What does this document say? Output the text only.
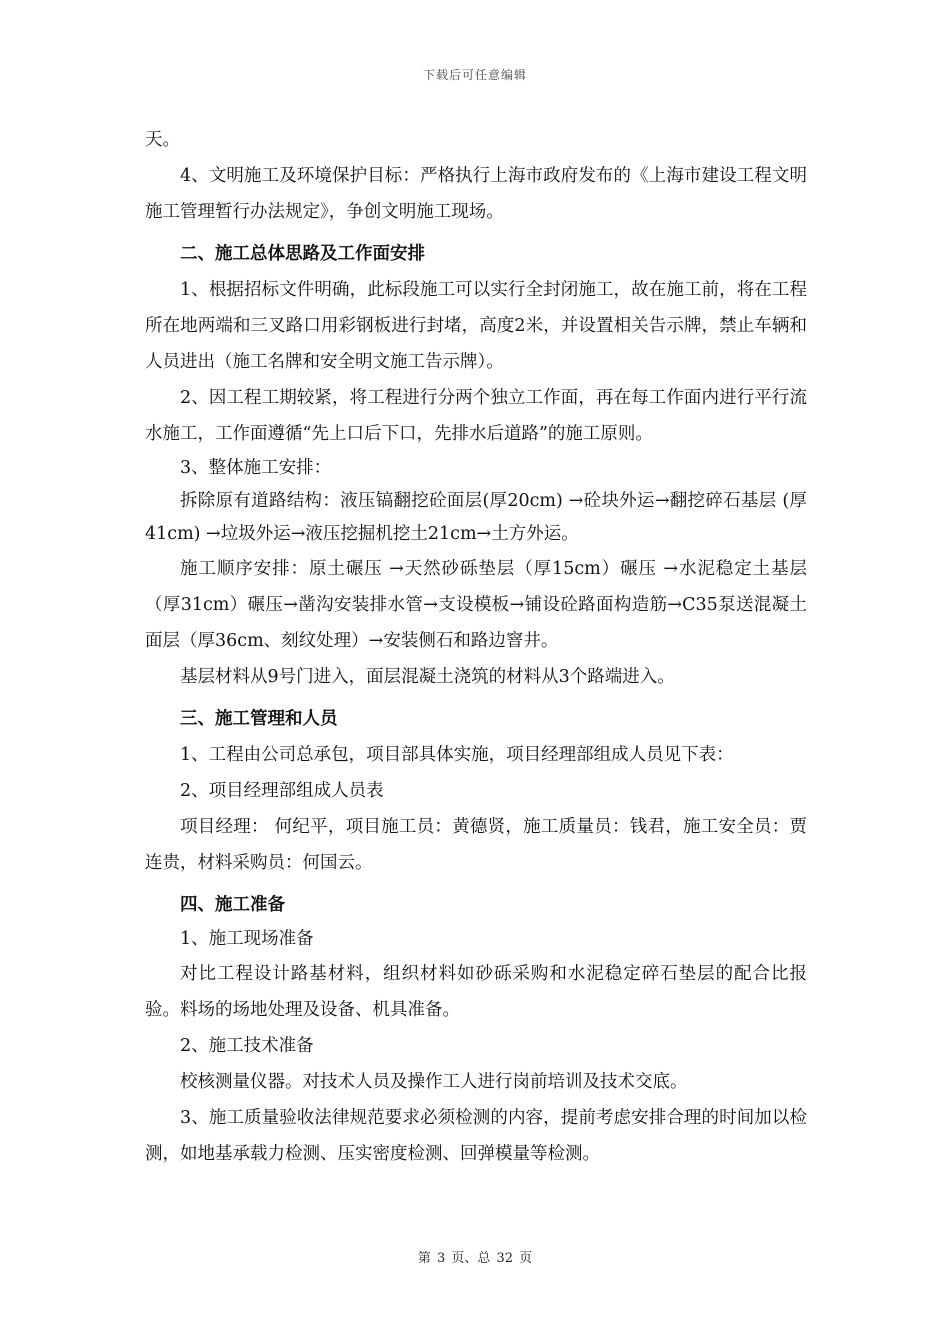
下载后可任意编辑

天。

4、文明施工及环境保护目标：严格执行上海市政府发布的《上海市建设工程文明施工管理暂行办法规定》，争创文明施工现场。

二、施工总体思路及工作面安排

1、根据招标文件明确，此标段施工可以实行全封闭施工，故在施工前，将在工程所在地两端和三叉路口用彩钢板进行封堵，高度2米，并设置相关告示牌，禁止车辆和人员进出（施工名牌和安全明文施工告示牌）。

2、因工程工期较紧，将工程进行分两个独立工作面，再在每工作面内进行平行流水施工，工作面遵循“先上口后下口，先排水后道路”的施工原则。

3、整体施工安排：

拆除原有道路结构：液压镐翻挖砼面层(厚20cm) →砼块外运→翻挖碎石基层 (厚41cm) →垃圾外运→液压挖掘机挖土21cm→土方外运。

施工顺序安排：原土碾压 →天然砂砾垫层（厚15cm）碾压 →水泥稳定土基层（厚31cm）碾压→凿沟安装排水管→支设模板→铺设砼路面构造筋→C35泵送混凝土面层（厚36cm、刻纹处理）→安装侧石和路边窨井。

基层材料从9号门进入，面层混凝土浇筑的材料从3个路端进入。

三、施工管理和人员

1、工程由公司总承包，项目部具体实施，项目经理部组成人员见下表：

2、项目经理部组成人员表

项目经理： 何纪平，项目施工员：黄德贤，施工质量员：钱君，施工安全员：贾连贵，材料采购员：何国云。

四、施工准备

1、施工现场准备

对比工程设计路基材料，组织材料如砂砾采购和水泥稳定碎石垫层的配合比报验。料场的场地处理及设备、机具准备。

2、施工技术准备

校核测量仪器。对技术人员及操作工人进行岗前培训及技术交底。

3、施工质量验收法律规范要求必须检测的内容，提前考虑安排合理的时间加以检测，如地基承载力检测、压实密度检测、回弹模量等检测。

第 3 页、总 32 页
